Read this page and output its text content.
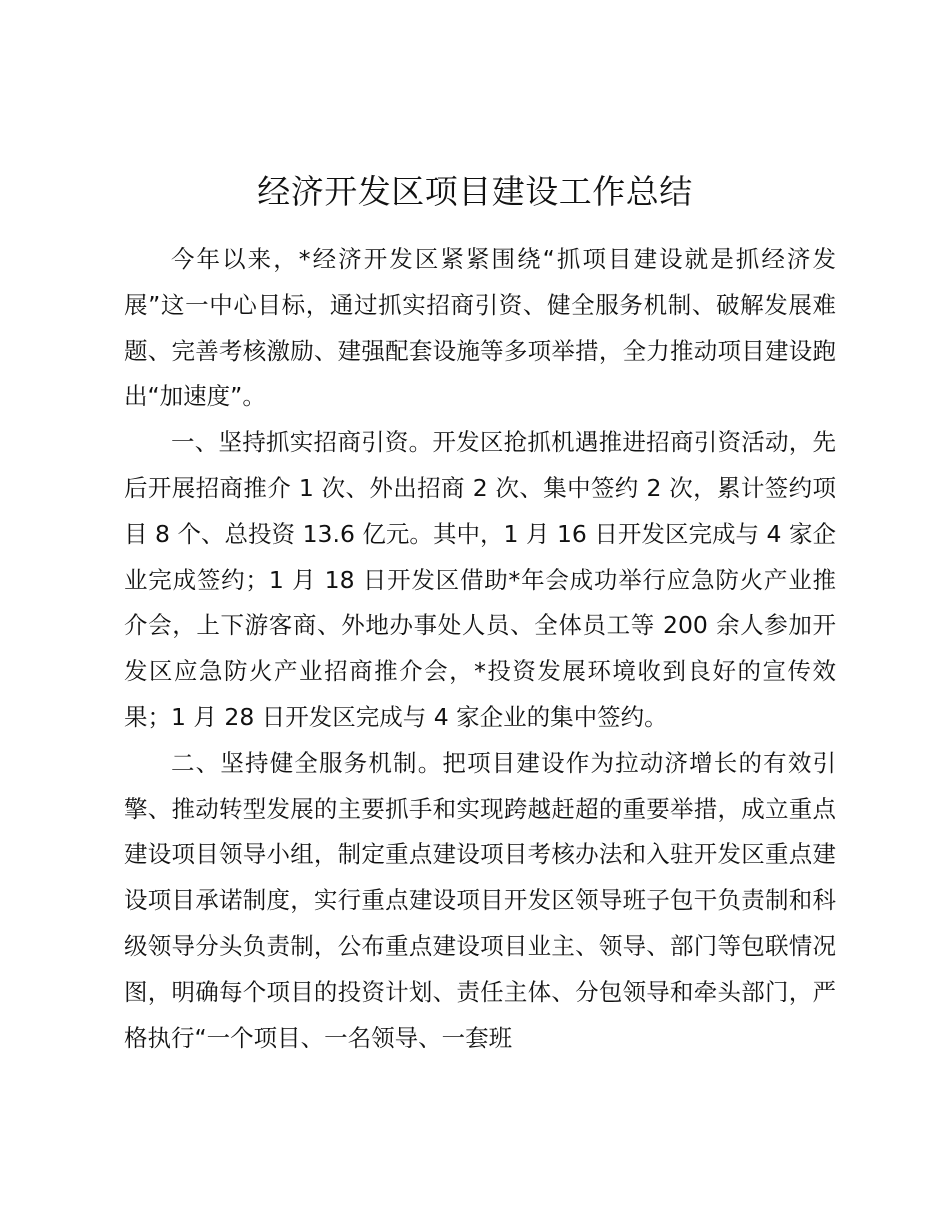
经济开发区项目建设工作总结

今年以来，*经济开发区紧紧围绕“抓项目建设就是抓经济发展”这一中心目标，通过抓实招商引资、健全服务机制、破解发展难题、完善考核激励、建强配套设施等多项举措，全力推动项目建设跑出“加速度”。

一、坚持抓实招商引资。开发区抢抓机遇推进招商引资活动，先后开展招商推介 1 次、外出招商 2 次、集中签约 2 次，累计签约项目 8 个、总投资 13.6 亿元。其中，1 月 16 日开发区完成与 4 家企业完成签约；1 月 18 日开发区借助*年会成功举行应急防火产业推介会，上下游客商、外地办事处人员、全体员工等 200 余人参加开发区应急防火产业招商推介会，*投资发展环境收到良好的宣传效果；1 月 28 日开发区完成与 4 家企业的集中签约。

二、坚持健全服务机制。把项目建设作为拉动济增长的有效引擎、推动转型发展的主要抓手和实现跨越赶超的重要举措，成立重点建设项目领导小组，制定重点建设项目考核办法和入驻开发区重点建设项目承诺制度，实行重点建设项目开发区领导班子包干负责制和科级领导分头负责制，公布重点建设项目业主、领导、部门等包联情况图，明确每个项目的投资计划、责任主体、分包领导和牵头部门，严格执行“一个项目、一名领导、一套班
